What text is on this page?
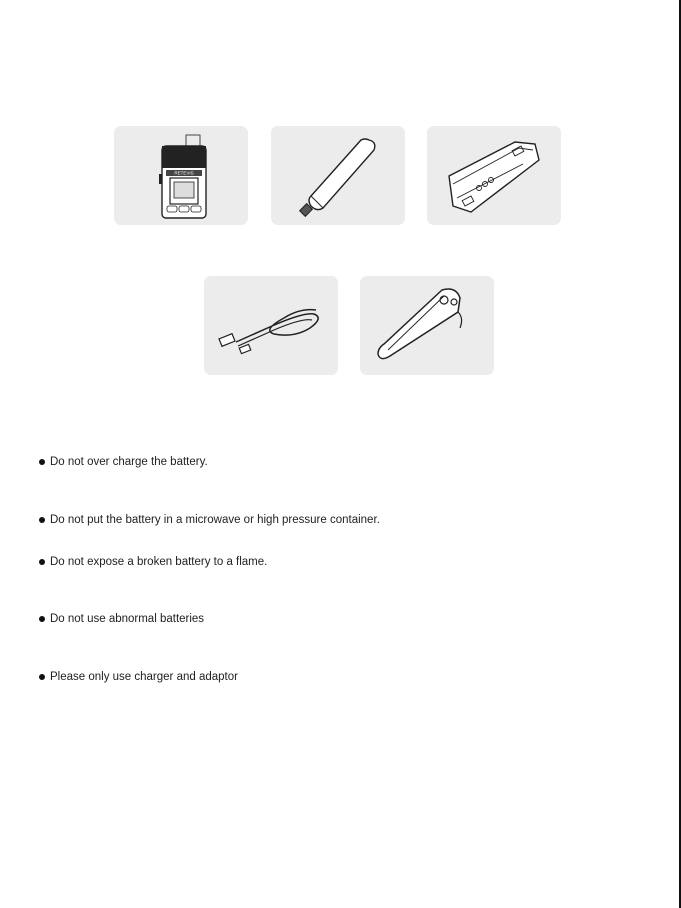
RETEVIS
Do not over charge the battery.
Do not put the battery in a microwave or high pressure container.
Do not expose a broken battery to a flame.
Do not use abnormal batteries
Please only use charger and adaptor
